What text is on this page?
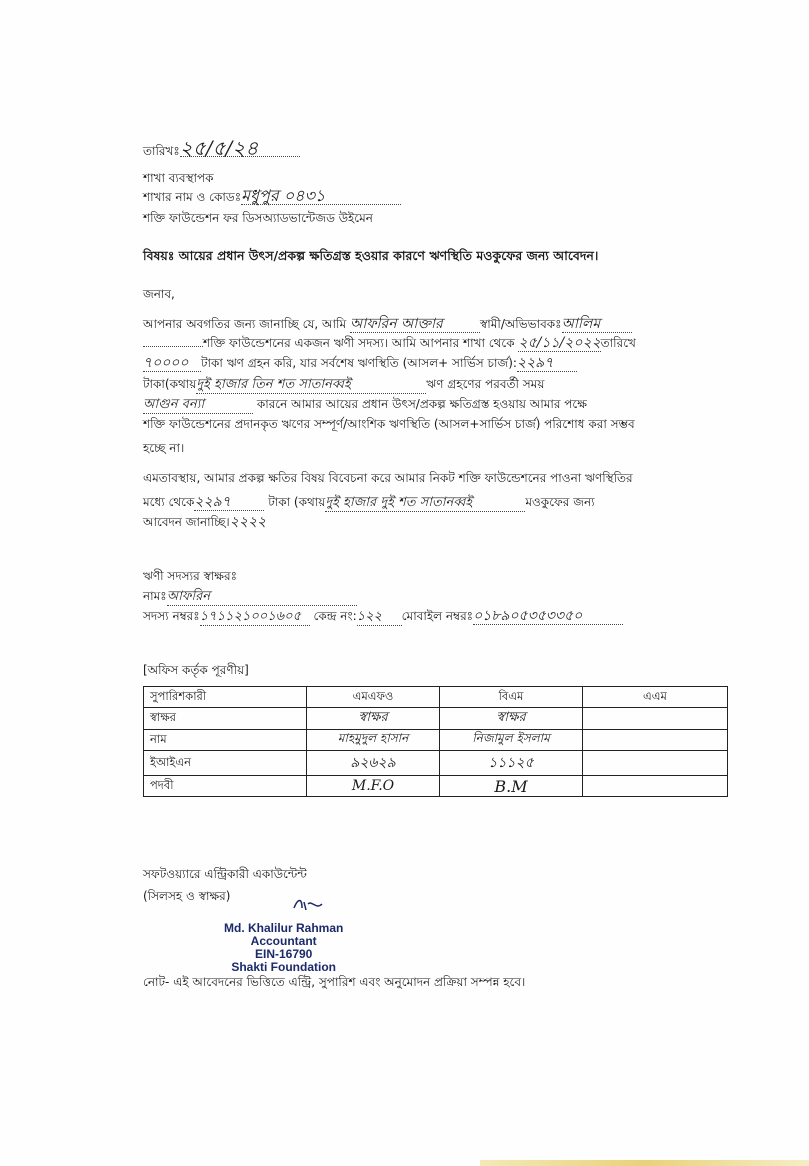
তারিখঃ২৫/৫/২৪
শাখা ব্যবস্থাপক
শাখার নাম ও কোডঃমধুপুর ০৪৩১
শক্তি ফাউন্ডেশন ফর ডিসঅ্যাডভান্টেজড উইমেন
বিষয়ঃ আয়ের প্রধান উৎস/প্রকল্প ক্ষতিগ্রস্ত হওয়ার কারণে ঋণস্থিতি মওকুফের জন্য আবেদন।
জনাব,
আপনার অবগতির জন্য জানাচ্ছি যে, আমি আফরিন আক্তার	স্বামী/অভিভাবকঃআলিম
শক্তি ফাউন্ডেশনের একজন ঋণী সদস্য। আমি আপনার শাখা থেকে ২৫/১১/২০২২তারিখে
৭০০০০ টাকা ঋণ গ্রহন করি, যার সর্বশেষ ঋণস্থিতি (আসল+ সার্ভিস চার্জ):২২৯৭
টাকা(কথায়দুই হাজার তিন শত সাতানব্বই	ঋণ গ্রহণের পরবর্তী সময়
আগুন বন্যা	কারনে আমার আয়ের প্রধান উৎস/প্রকল্প ক্ষতিগ্রস্ত হওয়ায় আমার পক্ষে
শক্তি ফাউন্ডেশনের প্রদানকৃত ঋণের সম্পূর্ণ/আংশিক ঋণস্থিতি (আসল+সার্ভিস চার্জ) পরিশোধ করা সম্ভব
হচ্ছে না।
এমতাবস্থায়, আমার প্রকল্প ক্ষতির বিষয় বিবেচনা করে আমার নিকট শক্তি ফাউন্ডেশনের পাওনা ঋণস্থিতির
মধ্যে থেকে২২৯৭	টাকা (কথায়দুই হাজার দুই শত সাতানব্বই	মওকুফের জন্য
আবেদন জানাচ্ছি।২২২২
ঋণী সদস্যর স্বাক্ষরঃ
নামঃআফরিন
সদস্য নম্বরঃ১৭১১২১০০১৬০৫ কেন্দ্র নং:১২২ মোবাইল নম্বরঃ০১৮৯০৫৩৫৩৩৫০
[অফিস কর্তৃক পূরণীয়]
সুপারিশকারী	এমএফও	বিএম	এএম
স্বাক্ষর	স্বাক্ষর	স্বাক্ষর	
নাম	মাহমুদুল হাসান	নিজামুল ইসলাম	
ইআইএন	৯২৬২৯	১১১২৫	
পদবী	M.F.O	B.M	
সফটওয়্যারে এন্ট্রিকারী একাউন্টেন্ট
(সিলসহ ও স্বাক্ষর)
Md. Khalilur Rahman
Accountant
EIN-16790
Shakti Foundation
নোট- এই আবেদনের ভিত্তিতে এন্ট্রি, সুপারিশ এবং অনুমোদন প্রক্রিয়া সম্পন্ন হবে।
